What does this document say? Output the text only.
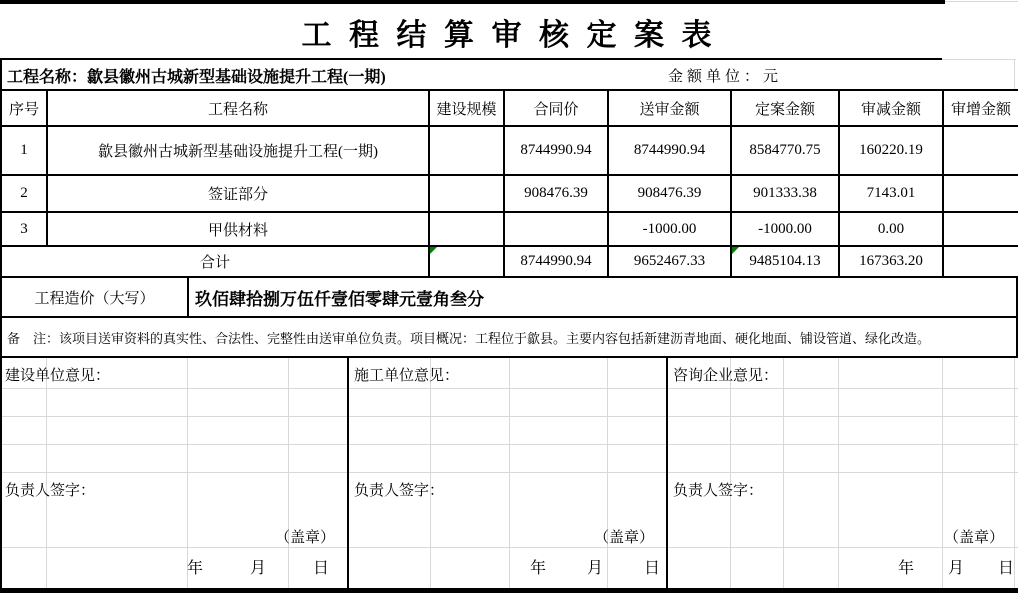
工 程 结 算 审 核 定 案 表
工程名称：歙县徽州古城新型基础设施提升工程(一期)	金额单位：元
序号	工程名称	建设规模	合同价	送审金额	定案金额	审减金额	审增金额
1	歙县徽州古城新型基础设施提升工程(一期)		8744990.94	8744990.94	8584770.75	160220.19	
2	签证部分		908476.39	908476.39	901333.38	7143.01	
3	甲供材料			-1000.00	-1000.00	0.00	
合计			8744990.94	9652467.33	9485104.13	167363.20	
工程造价（大写）	玖佰肆拾捌万伍仟壹佰零肆元壹角叁分
备　注：该项目送审资料的真实性、合法性、完整性由送审单位负责。项目概况：工程位于歙县。主要内容包括新建沥青地面、硬化地面、铺设管道、绿化改造。
建设单位意见：
负责人签字：
（盖章）
年	月	日
施工单位意见：
负责人签字：
（盖章）
年	月	日
咨询企业意见：
负责人签字：
（盖章）
年 月 日
